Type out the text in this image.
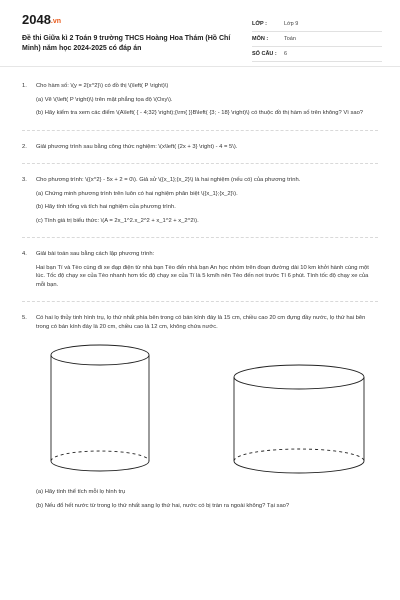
2048.vn
Đề thi Giữa kì 2 Toán 9 trường THCS Hoàng Hoa Thám (Hồ Chí Minh) năm học 2024-2025 có đáp án
LỚP :	Lớp 9
MÔN :	Toán
SỐ CÂU :	6
1. Cho hàm số: \(y = 2{x^2}\) có đồ thị \(\left( P \right)\)
(a) Vẽ \(\left( P \right)\) trên mặt phẳng tọa độ \(Oxy\).
(b) Hãy kiểm tra xem các điểm \(A\left( { - 4;32} \right);{\rm{ }}B\left( {3; - 18} \right)\) có thuộc đồ thị hàm số trên không? Vì sao?
2. Giải phương trình sau bằng công thức nghiệm: \(x\left( {2x + 3} \right) - 4 = 5\).
3. Cho phương trình: \({x^2} - 5x + 2 = 0\). Giả sử \({x_1};{x_2}\) là hai nghiệm (nếu có) của phương trình.
(a) Chứng minh phương trình trên luôn có hai nghiệm phân biệt \({x_1};{x_2}\).
(b) Hãy tính tổng và tích hai nghiệm của phương trình.
(c) Tính giá trị biểu thức: \(A = 2x_1^2.x_2^2 + x_1^2 + x_2^2\).
4. Giải bài toán sau bằng cách lập phương trình:
Hai bạn Tí và Tèo cùng đi xe đạp điện từ nhà bạn Tèo đến nhà bạn An học nhóm trên đoạn đường dài 10 km khởi hành cùng một lúc. Tốc độ chạy xe của Tèo nhanh hơn tốc độ chạy xe của Tí là 5 km/h nên Tèo đến nơi trước Tí 6 phút. Tính tốc độ chạy xe của mỗi bạn.
5. Có hai lọ thủy tinh hình trụ, lọ thứ nhất phía bên trong có bán kính đáy là 15 cm, chiều cao 20 cm đựng đầy nước, lọ thứ hai bên trong có bán kính đáy là 20 cm, chiều cao là 12 cm, không chứa nước.
(a) Hãy tính thể tích mỗi lọ hình trụ
(b) Nếu đổ hết nước từ trong lọ thứ nhất sang lọ thứ hai, nước có bị tràn ra ngoài không? Tại sao?
